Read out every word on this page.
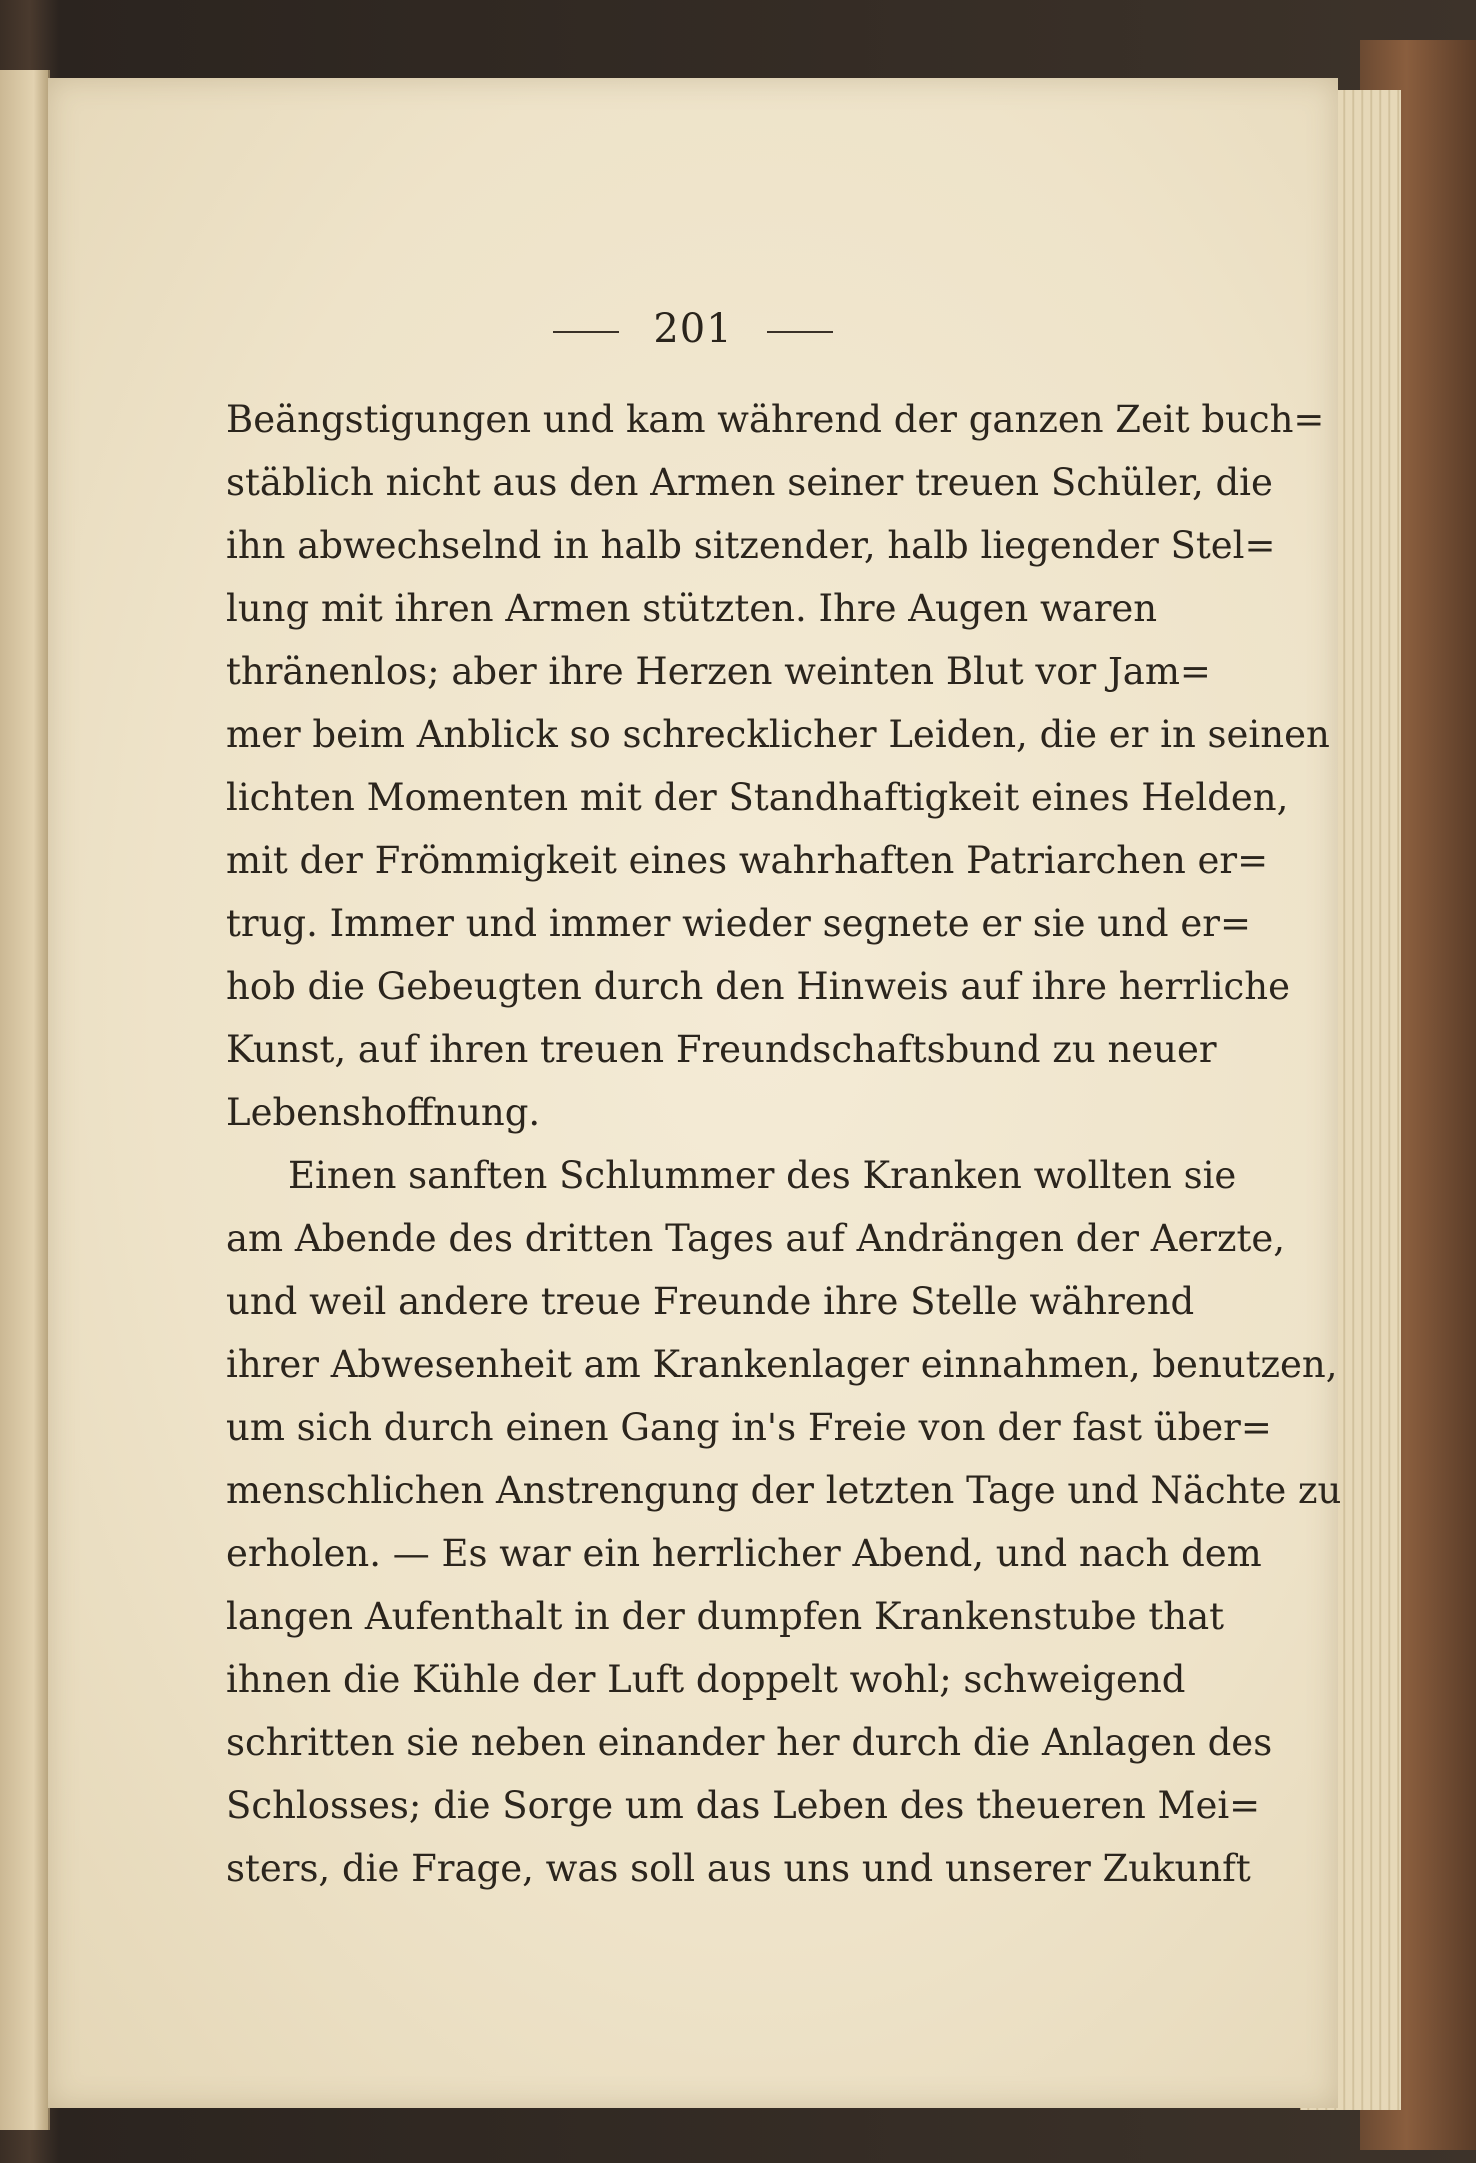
201
Beängstigungen und kam während der ganzen Zeit buch=
stäblich nicht aus den Armen seiner treuen Schüler, die
ihn abwechselnd in halb sitzender, halb liegender Stel=
lung mit ihren Armen stützten. Ihre Augen waren
thränenlos; aber ihre Herzen weinten Blut vor Jam=
mer beim Anblick so schrecklicher Leiden, die er in seinen
lichten Momenten mit der Standhaftigkeit eines Helden,
mit der Frömmigkeit eines wahrhaften Patriarchen er=
trug. Immer und immer wieder segnete er sie und er=
hob die Gebeugten durch den Hinweis auf ihre herrliche
Kunst, auf ihren treuen Freundschaftsbund zu neuer
Lebenshoffnung.
Einen sanften Schlummer des Kranken wollten sie
am Abende des dritten Tages auf Andrängen der Aerzte,
und weil andere treue Freunde ihre Stelle während
ihrer Abwesenheit am Krankenlager einnahmen, benutzen,
um sich durch einen Gang in's Freie von der fast über=
menschlichen Anstrengung der letzten Tage und Nächte zu
erholen. — Es war ein herrlicher Abend, und nach dem
langen Aufenthalt in der dumpfen Krankenstube that
ihnen die Kühle der Luft doppelt wohl; schweigend
schritten sie neben einander her durch die Anlagen des
Schlosses; die Sorge um das Leben des theueren Mei=
sters, die Frage, was soll aus uns und unserer Zukunft
